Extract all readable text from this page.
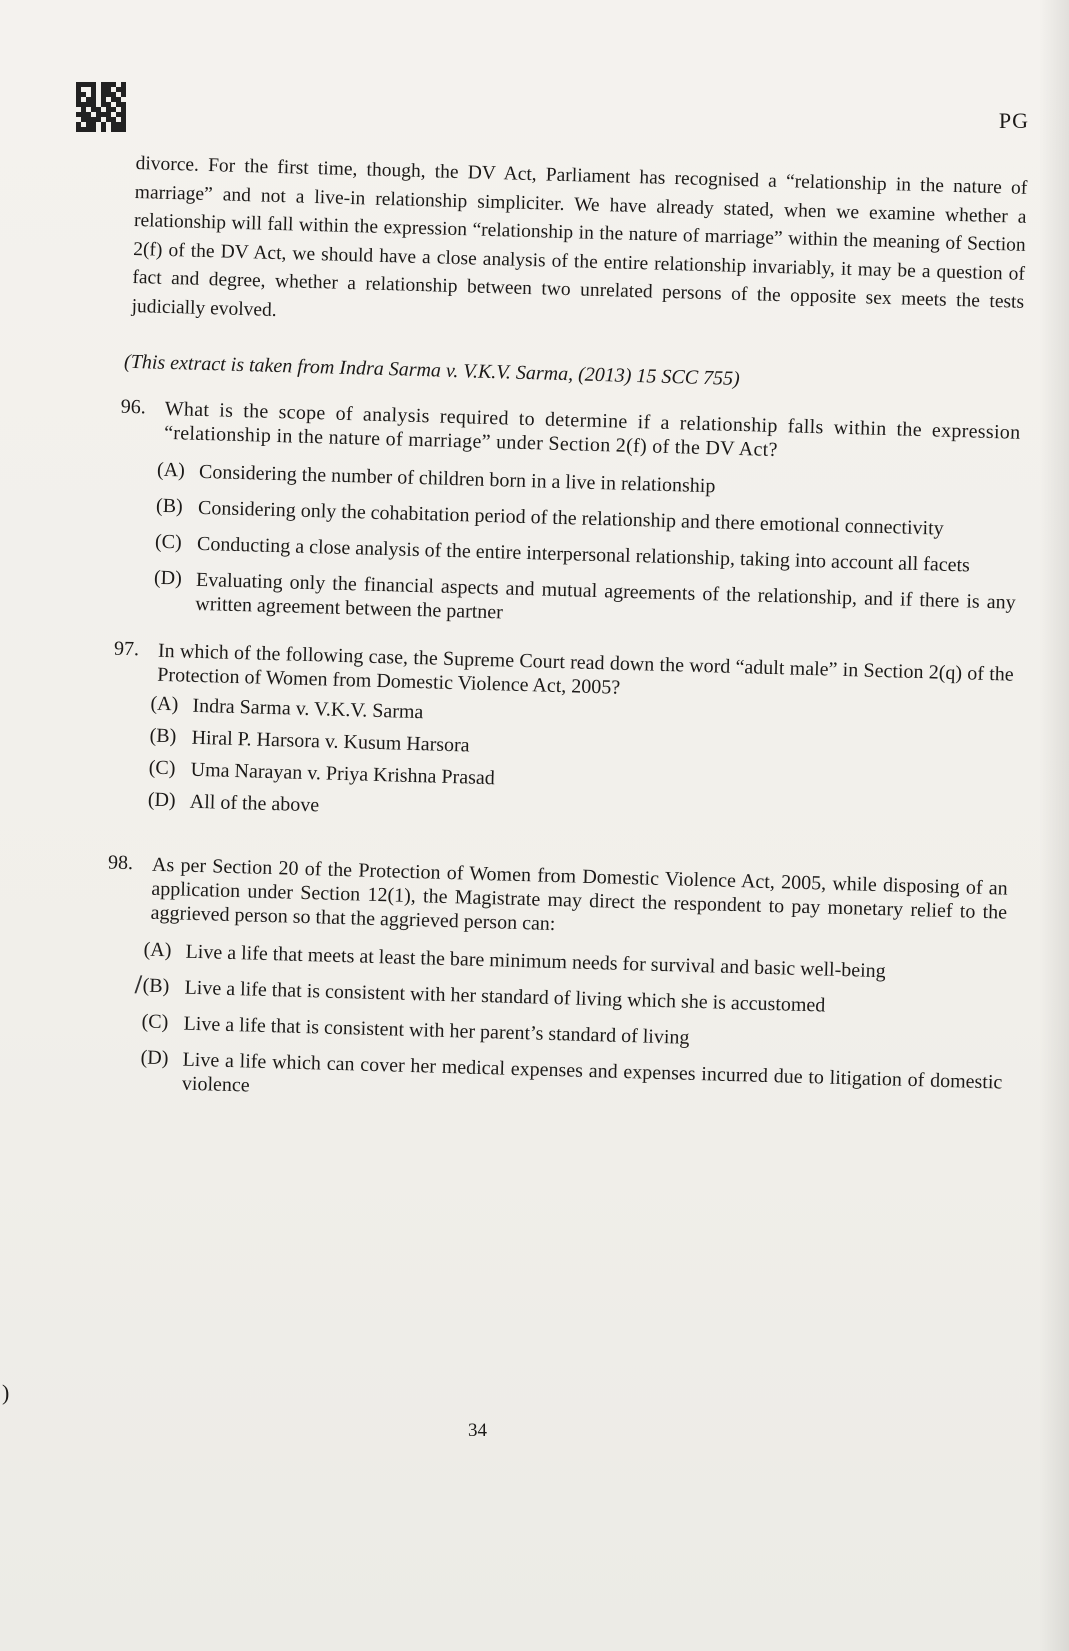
PG

divorce. For the first time, though, the DV Act, Parliament has recognised a “relationship in the nature of marriage” and not a live-in relationship simpliciter. We have already stated, when we examine whether a relationship will fall within the expression “relationship in the nature of marriage” within the meaning of Section 2(f) of the DV Act, we should have a close analysis of the entire relationship invariably, it may be a question of fact and degree, whether a relationship between two unrelated persons of the opposite sex meets the tests judicially evolved.

(This extract is taken from Indra Sarma v. V.K.V. Sarma, (2013) 15 SCC 755)
96. What is the scope of analysis required to determine if a relationship falls within the expression “relationship in the nature of marriage” under Section 2(f) of the DV Act?
(A) Considering the number of children born in a live in relationship
(B) Considering only the cohabitation period of the relationship and there emotional connectivity
(C) Conducting a close analysis of the entire interpersonal relationship, taking into account all facets
(D) Evaluating only the financial aspects and mutual agreements of the relationship, and if there is any written agreement between the partner
97. In which of the following case, the Supreme Court read down the word “adult male” in Section 2(q) of the Protection of Women from Domestic Violence Act, 2005?
(A) Indra Sarma v. V.K.V. Sarma
(B) Hiral P. Harsora v. Kusum Harsora
(C) Uma Narayan v. Priya Krishna Prasad
(D) All of the above
98. As per Section 20 of the Protection of Women from Domestic Violence Act, 2005, while disposing of an application under Section 12(1), the Magistrate may direct the respondent to pay monetary relief to the aggrieved person so that the aggrieved person can:
(A) Live a life that meets at least the bare minimum needs for survival and basic well-being
(B)
/ Live a life that is consistent with her standard of living which she is accustomed
(C) Live a life that is consistent with her parent’s standard of living
(D) Live a life which can cover her medical expenses and expenses incurred due to litigation of domestic violence
34
)
